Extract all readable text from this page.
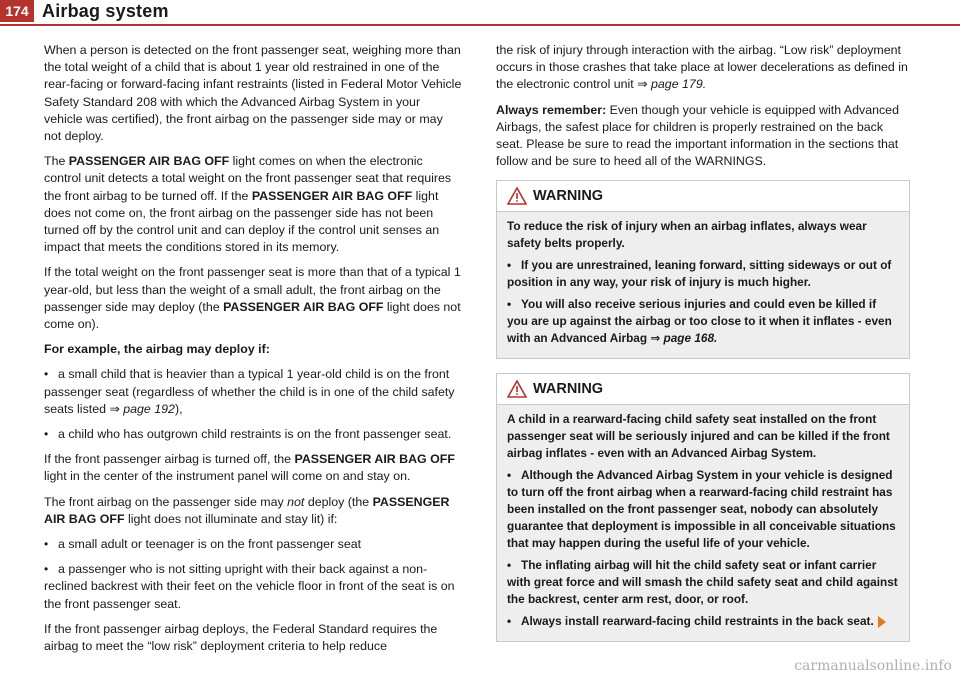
174 Airbag system

When a person is detected on the front passenger seat, weighing more than the total weight of a child that is about 1 year old restrained in one of the rear-facing or forward-facing infant restraints (listed in Federal Motor Vehicle Safety Standard 208 with which the Advanced Airbag System in your vehicle was certified), the front airbag on the passenger side may or may not deploy.

The PASSENGER AIR BAG OFF light comes on when the electronic control unit detects a total weight on the front passenger seat that requires the front airbag to be turned off. If the PASSENGER AIR BAG OFF light does not come on, the front airbag on the passenger side has not been turned off by the control unit and can deploy if the control unit senses an impact that meets the conditions stored in its memory.

If the total weight on the front passenger seat is more than that of a typical 1 year-old, but less than the weight of a small adult, the front airbag on the passenger side may deploy (the PASSENGER AIR BAG OFF light does not come on).

For example, the airbag may deploy if:

• a small child that is heavier than a typical 1 year-old child is on the front passenger seat (regardless of whether the child is in one of the child safety seats listed ⇒ page 192),

• a child who has outgrown child restraints is on the front passenger seat.

If the front passenger airbag is turned off, the PASSENGER AIR BAG OFF light in the center of the instrument panel will come on and stay on.

The front airbag on the passenger side may not deploy (the PASSENGER AIR BAG OFF light does not illuminate and stay lit) if:

• a small adult or teenager is on the front passenger seat

• a passenger who is not sitting upright with their back against a non-reclined backrest with their feet on the vehicle floor in front of the seat is on the front passenger seat.

If the front passenger airbag deploys, the Federal Standard requires the airbag to meet the “low risk” deployment criteria to help reduce

the risk of injury through interaction with the airbag. “Low risk” deployment occurs in those crashes that take place at lower decelerations as defined in the electronic control unit ⇒ page 179.

Always remember: Even though your vehicle is equipped with Advanced Airbags, the safest place for children is properly restrained on the back seat. Please be sure to read the important information in the sections that follow and be sure to heed all of the WARNINGS.

WARNING

To reduce the risk of injury when an airbag inflates, always wear safety belts properly.

• If you are unrestrained, leaning forward, sitting sideways or out of position in any way, your risk of injury is much higher.

• You will also receive serious injuries and could even be killed if you are up against the airbag or too close to it when it inflates - even with an Advanced Airbag ⇒ page 168.

WARNING

A child in a rearward-facing child safety seat installed on the front passenger seat will be seriously injured and can be killed if the front airbag inflates - even with an Advanced Airbag System.

• Although the Advanced Airbag System in your vehicle is designed to turn off the front airbag when a rearward-facing child restraint has been installed on the front passenger seat, nobody can absolutely guarantee that deployment is impossible in all conceivable situations that may happen during the useful life of your vehicle.

• The inflating airbag will hit the child safety seat or infant carrier with great force and will smash the child safety seat and child against the backrest, center arm rest, door, or roof.

• Always install rearward-facing child restraints in the back seat.

carmanualsonline.info
